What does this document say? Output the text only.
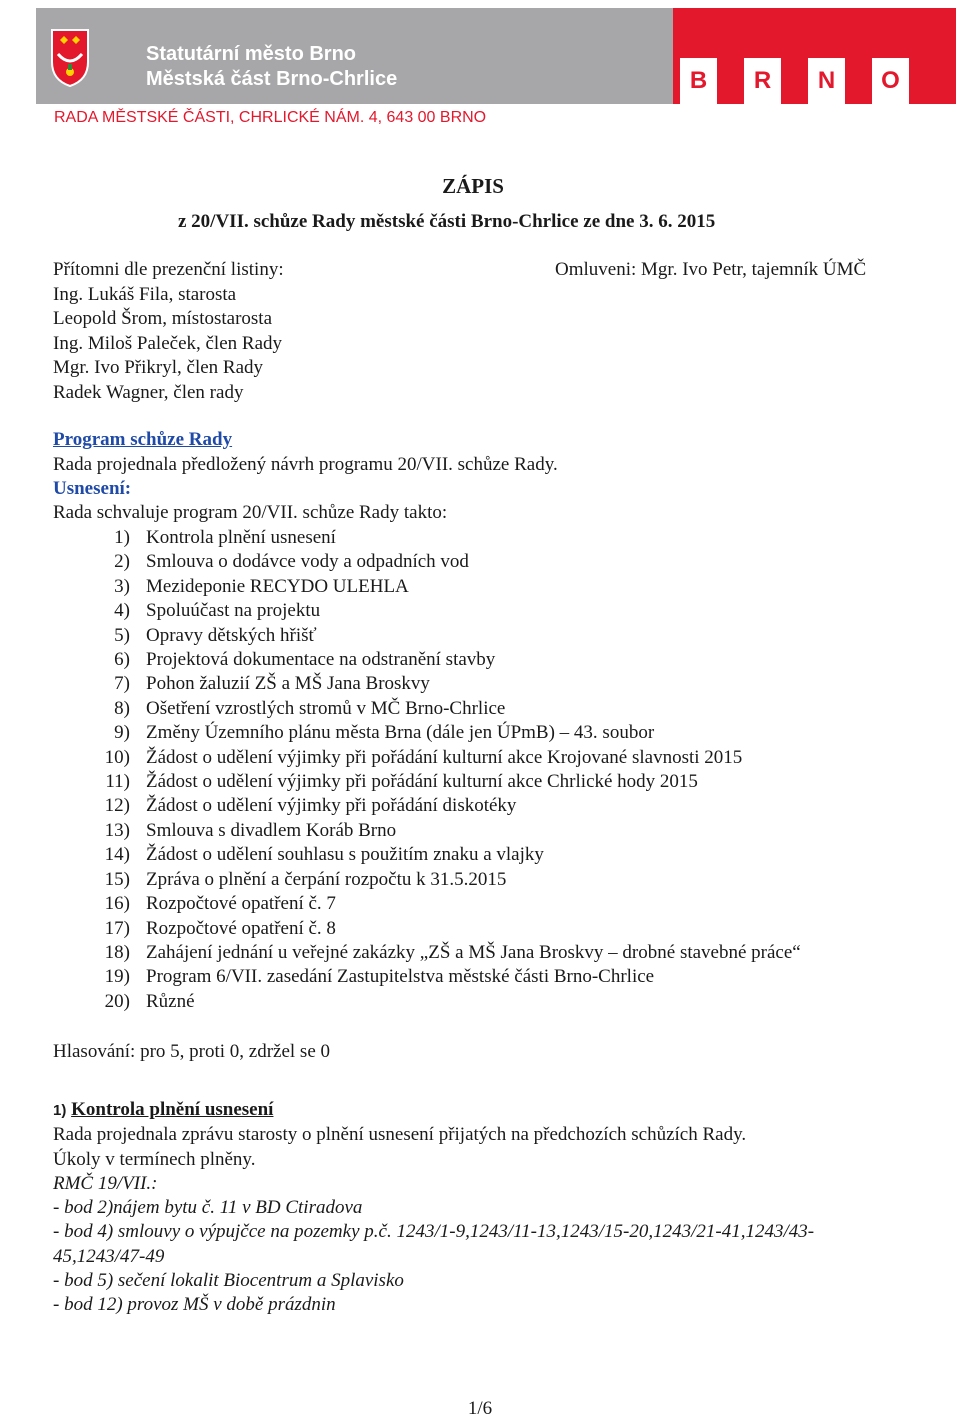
Statutární město Brno
Městská část Brno-Chrlice	B	R	N	O
RADA MĚSTSKÉ ČÁSTI, CHRLICKÉ NÁM. 4, 643 00 BRNO
ZÁPIS
z 20/VII. schůze Rady městské části Brno-Chrlice ze dne 3. 6. 2015
Přítomni dle prezenční listiny:
Ing. Lukáš Fila, starosta
Leopold Šrom, místostarosta
Ing. Miloš Paleček, člen Rady
Mgr. Ivo Přikryl, člen Rady
Radek Wagner, člen rady
Omluveni: Mgr. Ivo Petr, tajemník ÚMČ
Program schůze Rady
Rada projednala předložený návrh programu 20/VII. schůze Rady.
Usnesení:
Rada schvaluje program 20/VII. schůze Rady takto:
1) Kontrola plnění usnesení
2) Smlouva o dodávce vody a odpadních vod
3) Mezideponie RECYDO ULEHLA
4) Spoluúčast na projektu
5) Opravy dětských hřišť
6) Projektová dokumentace na odstranění stavby
7) Pohon žaluzií ZŠ a MŠ Jana Broskvy
8) Ošetření vzrostlých stromů v MČ Brno-Chrlice
9) Změny Územního plánu města Brna (dále jen ÚPmB) – 43. soubor
10) Žádost o udělení výjimky při pořádání kulturní akce Krojované slavnosti 2015
11) Žádost o udělení výjimky při pořádání kulturní akce Chrlické hody 2015
12) Žádost o udělení výjimky při pořádání diskotéky
13) Smlouva s divadlem Koráb Brno
14) Žádost o udělení souhlasu s použitím znaku a vlajky
15) Zpráva o plnění a čerpání rozpočtu k 31.5.2015
16) Rozpočtové opatření č. 7
17) Rozpočtové opatření č. 8
18) Zahájení jednání u veřejné zakázky „ZŠ a MŠ Jana Broskvy – drobné stavebné práce“
19) Program 6/VII. zasedání Zastupitelstva městské části Brno-Chrlice
20) Různé
Hlasování: pro 5, proti 0, zdržel se 0
1) Kontrola plnění usnesení
Rada projednala zprávu starosty o plnění usnesení přijatých na předchozích schůzích Rady.
Úkoly v termínech plněny.
RMČ 19/VII.:
- bod 2)nájem bytu č. 11 v BD Ctiradova
- bod 4) smlouvy o výpujčce na pozemky p.č. 1243/1-9,1243/11-13,1243/15-20,1243/21-41,1243/43-
45,1243/47-49
- bod 5) sečení lokalit Biocentrum a Splavisko
- bod 12) provoz MŠ v době prázdnin
1/6
